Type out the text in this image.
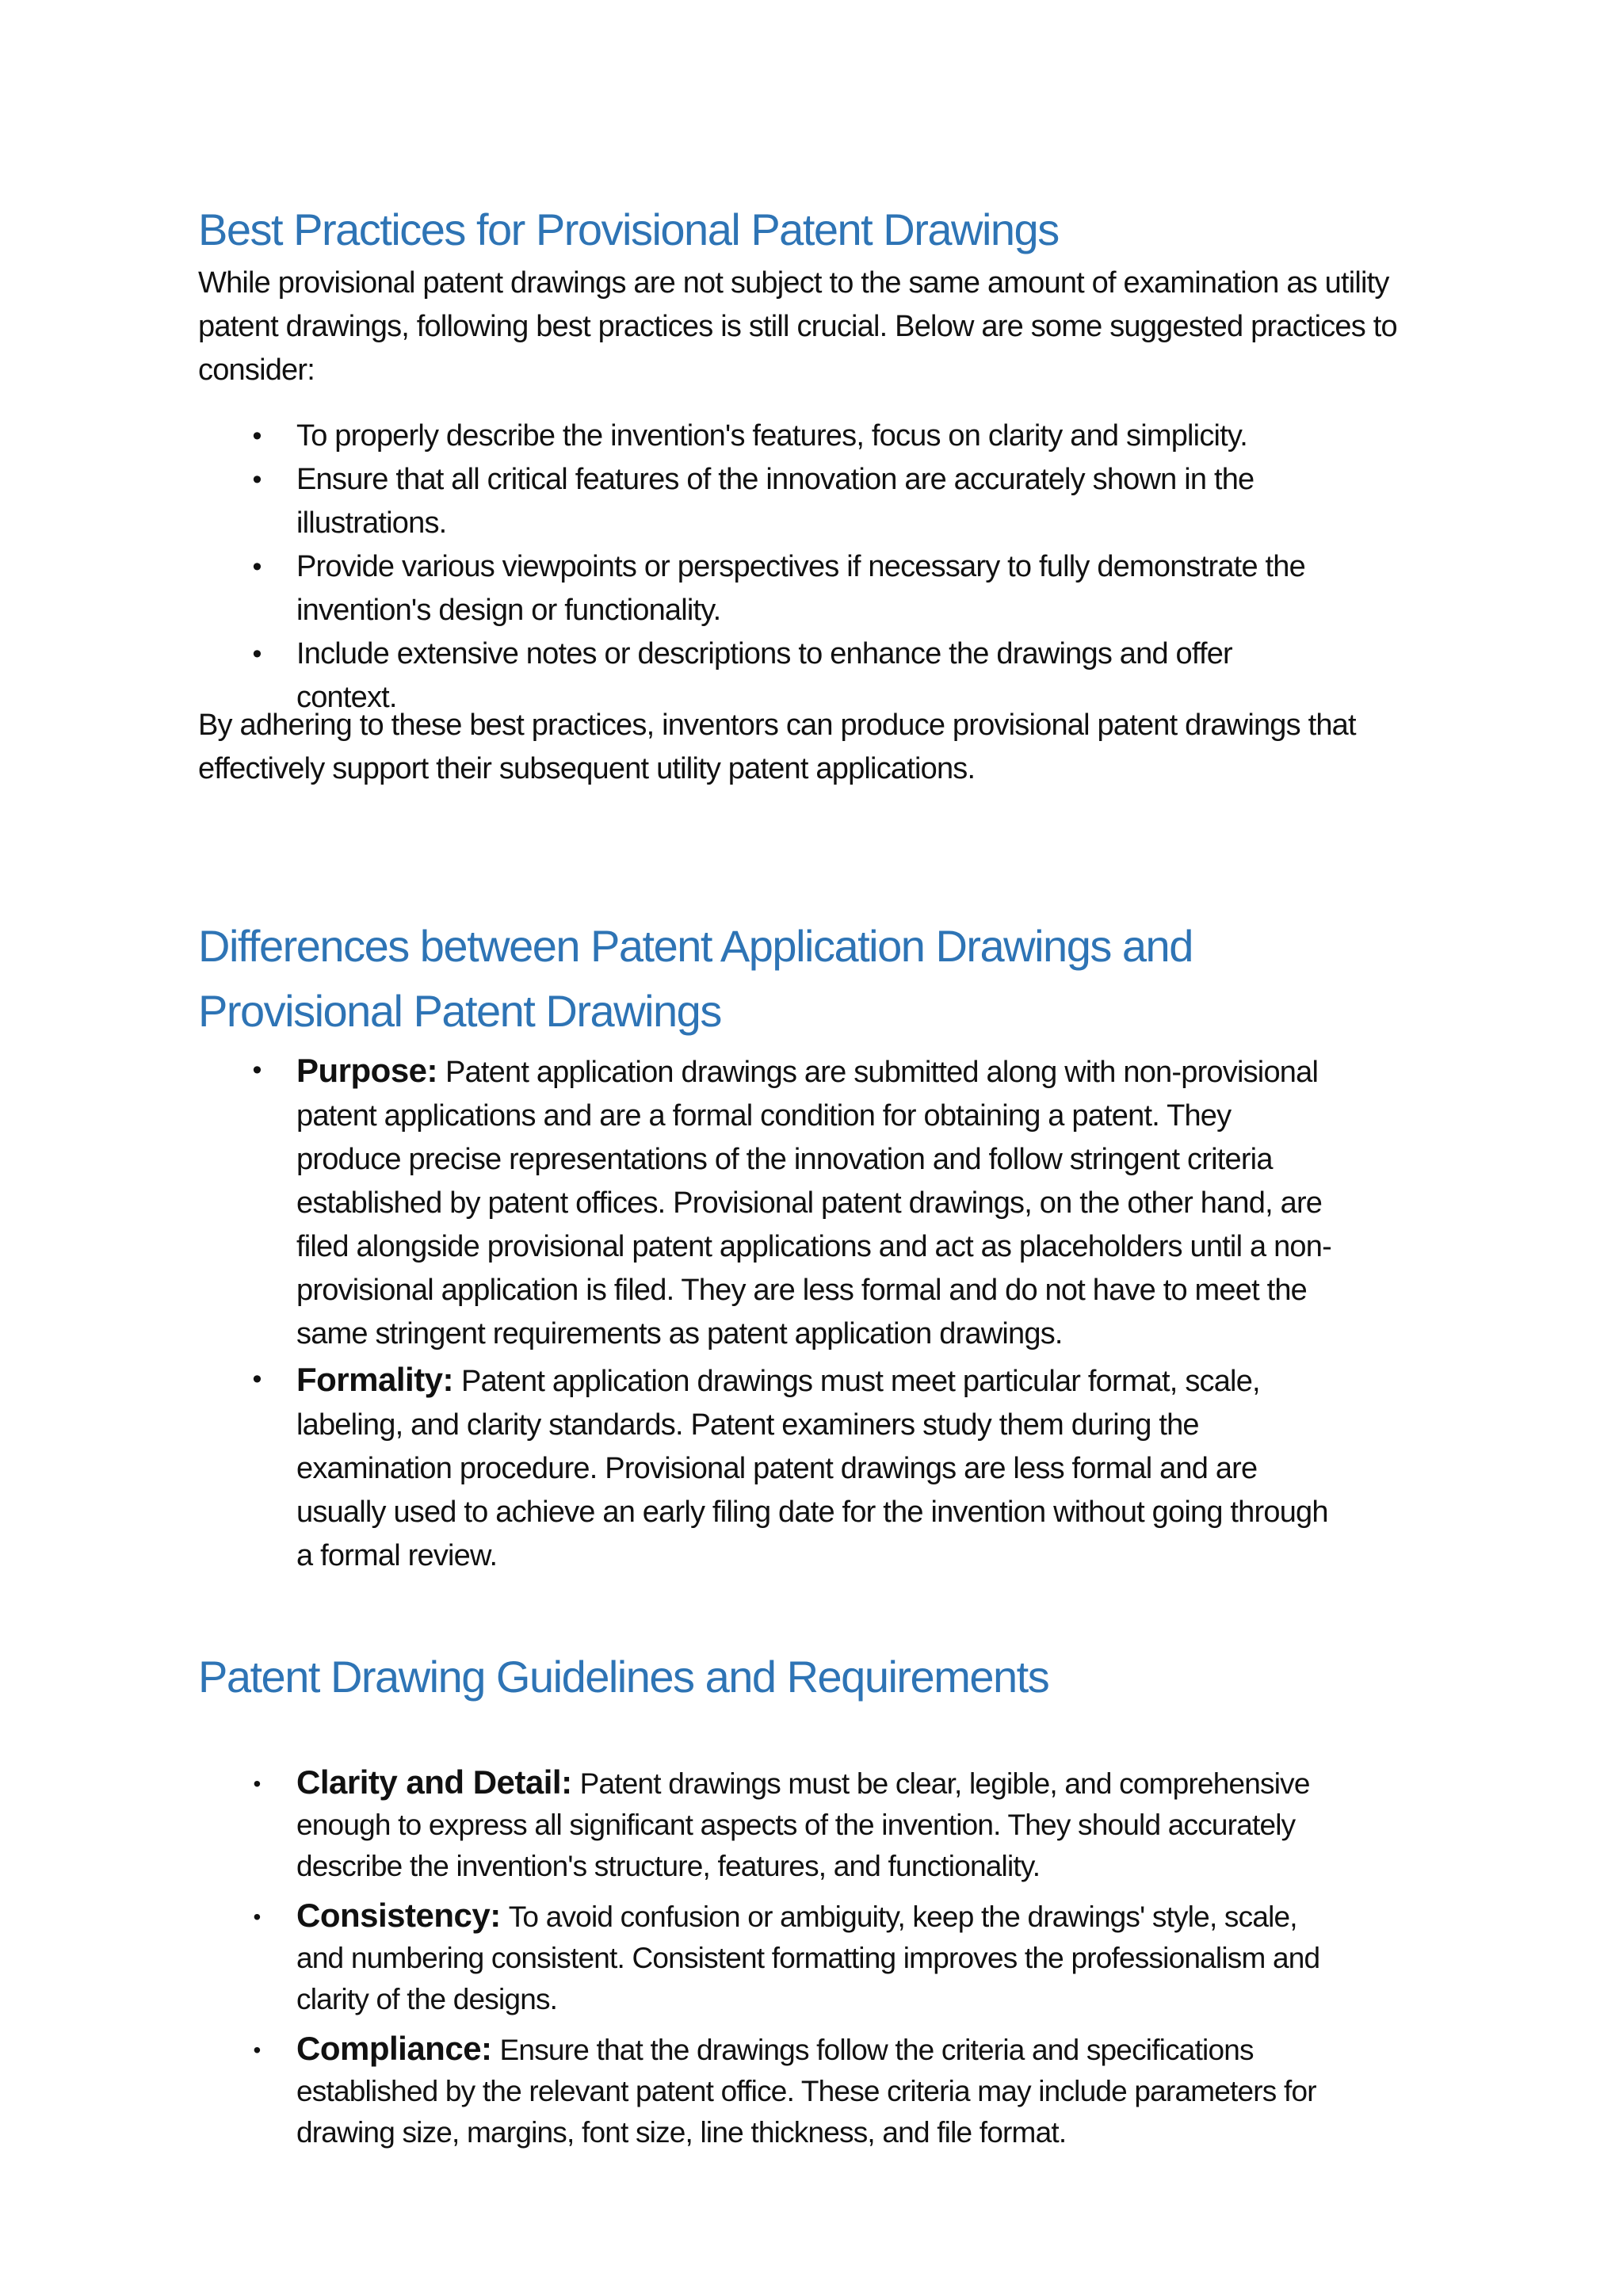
Best Practices for Provisional Patent Drawings

While provisional patent drawings are not subject to the same amount of examination as utility patent drawings, following best practices is still crucial. Below are some suggested practices to consider:

• To properly describe the invention's features, focus on clarity and simplicity.
• Ensure that all critical features of the innovation are accurately shown in the illustrations.
• Provide various viewpoints or perspectives if necessary to fully demonstrate the invention's design or functionality.
• Include extensive notes or descriptions to enhance the drawings and offer context.

By adhering to these best practices, inventors can produce provisional patent drawings that effectively support their subsequent utility patent applications.

Differences between Patent Application Drawings and
Provisional Patent Drawings
• Purpose: Patent application drawings are submitted along with non-provisional patent applications and are a formal condition for obtaining a patent. They produce precise representations of the innovation and follow stringent criteria established by patent offices. Provisional patent drawings, on the other hand, are filed alongside provisional patent applications and act as placeholders until a non-provisional application is filed. They are less formal and do not have to meet the same stringent requirements as patent application drawings.
• Formality: Patent application drawings must meet particular format, scale, labeling, and clarity standards. Patent examiners study them during the examination procedure. Provisional patent drawings are less formal and are usually used to achieve an early filing date for the invention without going through a formal review.
Patent Drawing Guidelines and Requirements
• Clarity and Detail: Patent drawings must be clear, legible, and comprehensive enough to express all significant aspects of the invention. They should accurately describe the invention's structure, features, and functionality.
• Consistency: To avoid confusion or ambiguity, keep the drawings' style, scale, and numbering consistent. Consistent formatting improves the professionalism and clarity of the designs.
• Compliance: Ensure that the drawings follow the criteria and specifications established by the relevant patent office. These criteria may include parameters for drawing size, margins, font size, line thickness, and file format.
